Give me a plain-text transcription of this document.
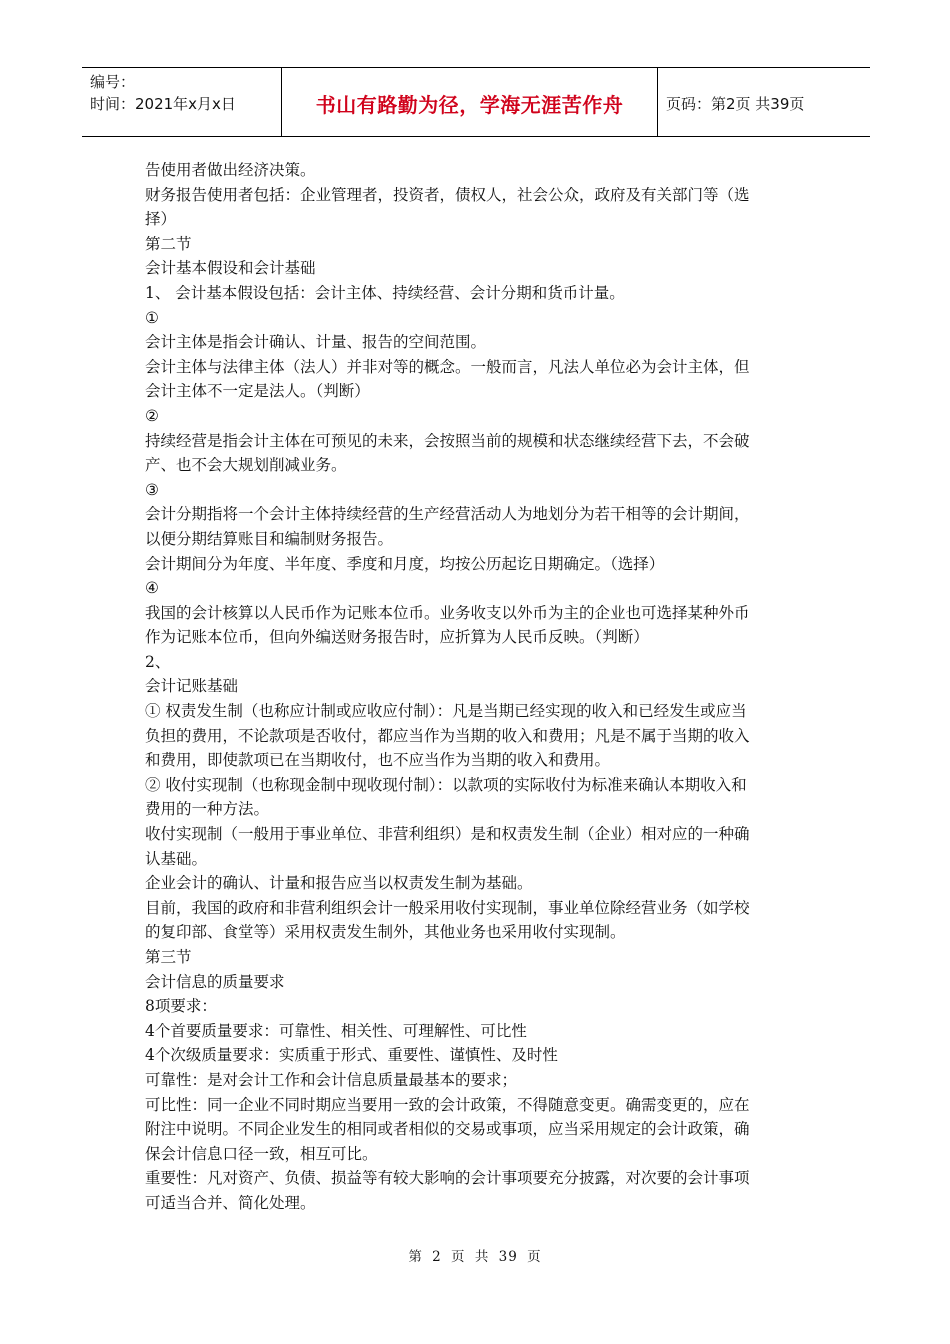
编号：
时间：2021年x月x日	书山有路勤为径，学海无涯苦作舟	页码：第2页 共39页

告使用者做出经济决策。

财务报告使用者包括：企业管理者，投资者，债权人，社会公众，政府及有关部门等（选

择）

第二节

会计基本假设和会计基础

1、 会计基本假设包括：会计主体、持续经营、会计分期和货币计量。

①

会计主体是指会计确认、计量、报告的空间范围。

会计主体与法律主体（法人）并非对等的概念。一般而言，凡法人单位必为会计主体，但

会计主体不一定是法人。（判断）

②

持续经营是指会计主体在可预见的未来，会按照当前的规模和状态继续经营下去，不会破

产、也不会大规划削减业务。

③

会计分期指将一个会计主体持续经营的生产经营活动人为地划分为若干相等的会计期间，

以便分期结算账目和编制财务报告。

会计期间分为年度、半年度、季度和月度，均按公历起讫日期确定。（选择）

④

我国的会计核算以人民币作为记账本位币。业务收支以外币为主的企业也可选择某种外币

作为记账本位币，但向外编送财务报告时，应折算为人民币反映。（判断）

2、

会计记账基础

① 权责发生制（也称应计制或应收应付制）：凡是当期已经实现的收入和已经发生或应当

负担的费用，不论款项是否收付，都应当作为当期的收入和费用；凡是不属于当期的收入

和费用，即使款项已在当期收付，也不应当作为当期的收入和费用。

② 收付实现制（也称现金制中现收现付制）：以款项的实际收付为标准来确认本期收入和

费用的一种方法。

收付实现制（一般用于事业单位、非营利组织）是和权责发生制（企业）相对应的一种确

认基础。

企业会计的确认、计量和报告应当以权责发生制为基础。

目前，我国的政府和非营利组织会计一般采用收付实现制，事业单位除经营业务（如学校

的复印部、食堂等）采用权责发生制外，其他业务也采用收付实现制。

第三节

会计信息的质量要求

8项要求：

4个首要质量要求：可靠性、相关性、可理解性、可比性

4个次级质量要求：实质重于形式、重要性、谨慎性、及时性

可靠性：是对会计工作和会计信息质量最基本的要求；

可比性：同一企业不同时期应当要用一致的会计政策，不得随意变更。确需变更的，应在

附注中说明。不同企业发生的相同或者相似的交易或事项，应当采用规定的会计政策，确

保会计信息口径一致，相互可比。

重要性：凡对资产、负债、损益等有较大影响的会计事项要充分披露，对次要的会计事项

可适当合并、简化处理。

第 2 页 共 39 页
